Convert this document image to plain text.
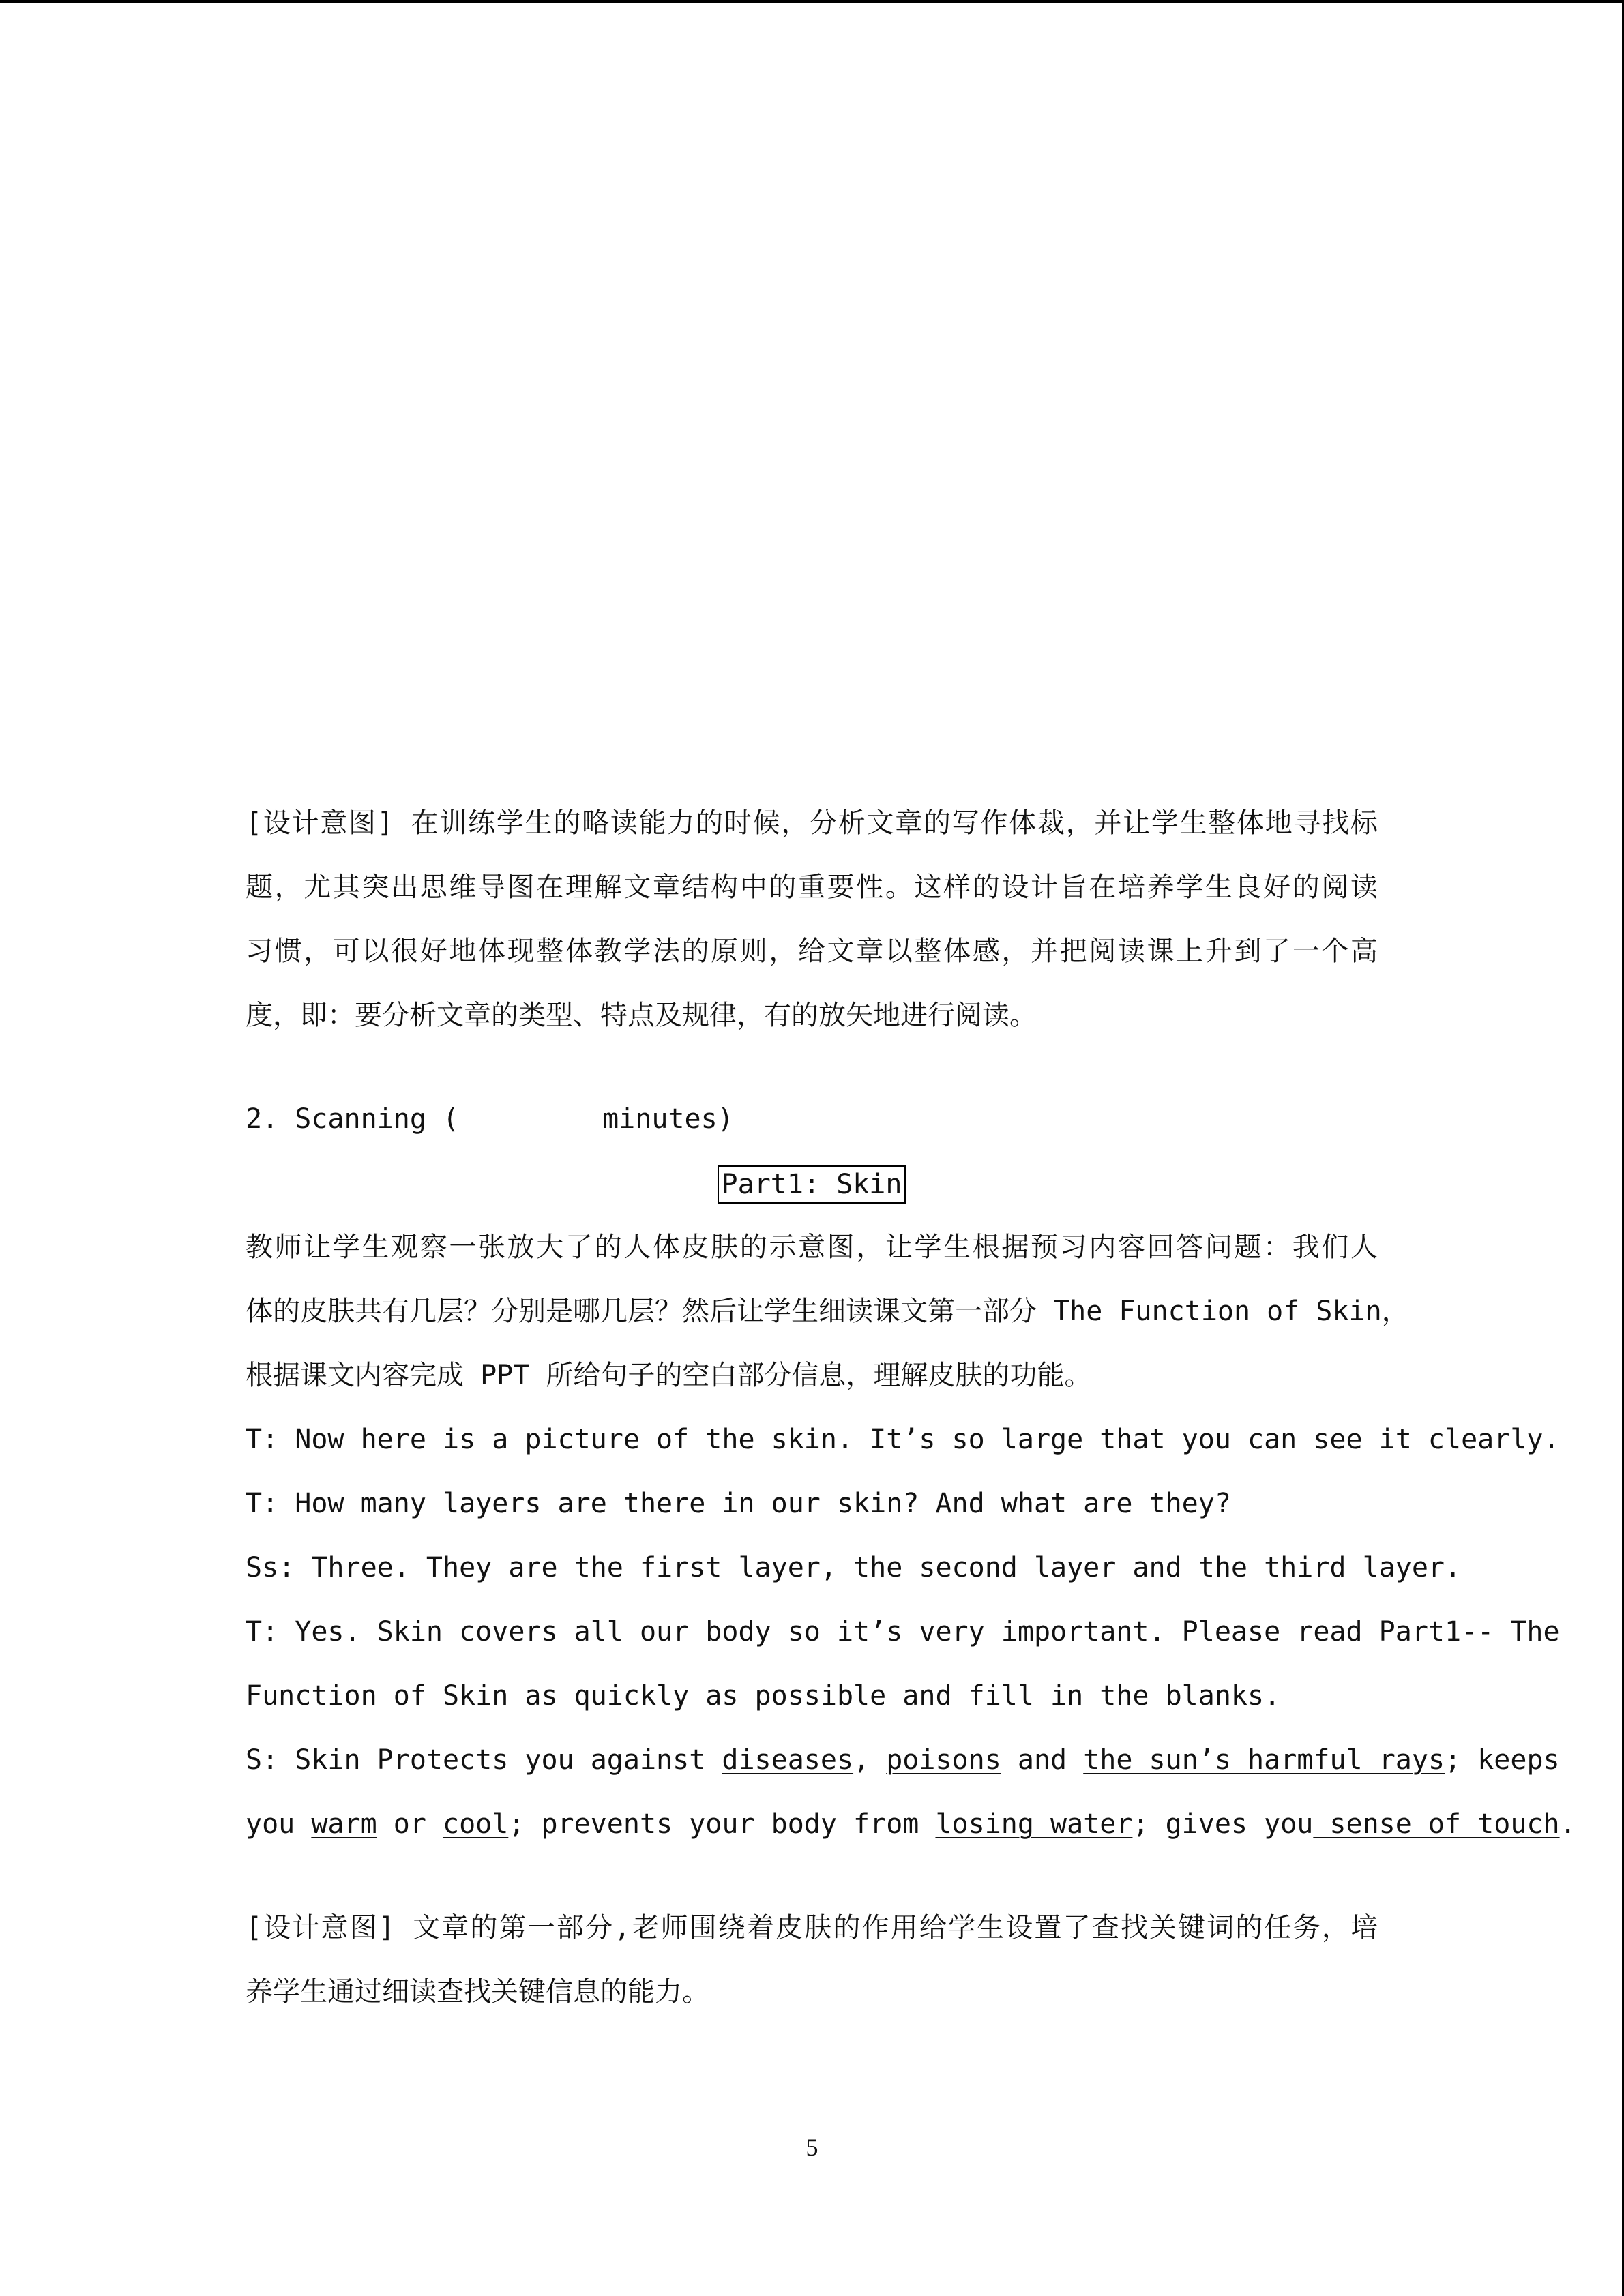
[设计意图] 在训练学生的略读能力的时候，分析文章的写作体裁，并让学生整体地寻找标
题，尤其突出思维导图在理解文章结构中的重要性。这样的设计旨在培养学生良好的阅读
习惯，可以很好地体现整体教学法的原则，给文章以整体感，并把阅读课上升到了一个高
度，即：要分析文章的类型、特点及规律，有的放矢地进行阅读。
2. Scanning (	minutes)
Part1: Skin
教师让学生观察一张放大了的人体皮肤的示意图，让学生根据预习内容回答问题：我们人
体的皮肤共有几层？分别是哪几层？然后让学生细读课文第一部分 The Function of Skin，
根据课文内容完成 PPT 所给句子的空白部分信息，理解皮肤的功能。
T: Now here is a picture of the skin. It’s so large that you can see it clearly.
T: How many layers are there in our skin? And what are they?
Ss: Three. They are the first layer, the second layer and the third layer.
T: Yes. Skin covers all our body so it’s very important. Please read Part1-- The
Function of Skin as quickly as possible and fill in the blanks.
S: Skin Protects you against diseases, poisons and the sun’s harmful rays; keeps
you warm or cool; prevents your body from losing water; gives you sense of touch.
[设计意图] 文章的第一部分,老师围绕着皮肤的作用给学生设置了查找关键词的任务，培
养学生通过细读查找关键信息的能力。
5
